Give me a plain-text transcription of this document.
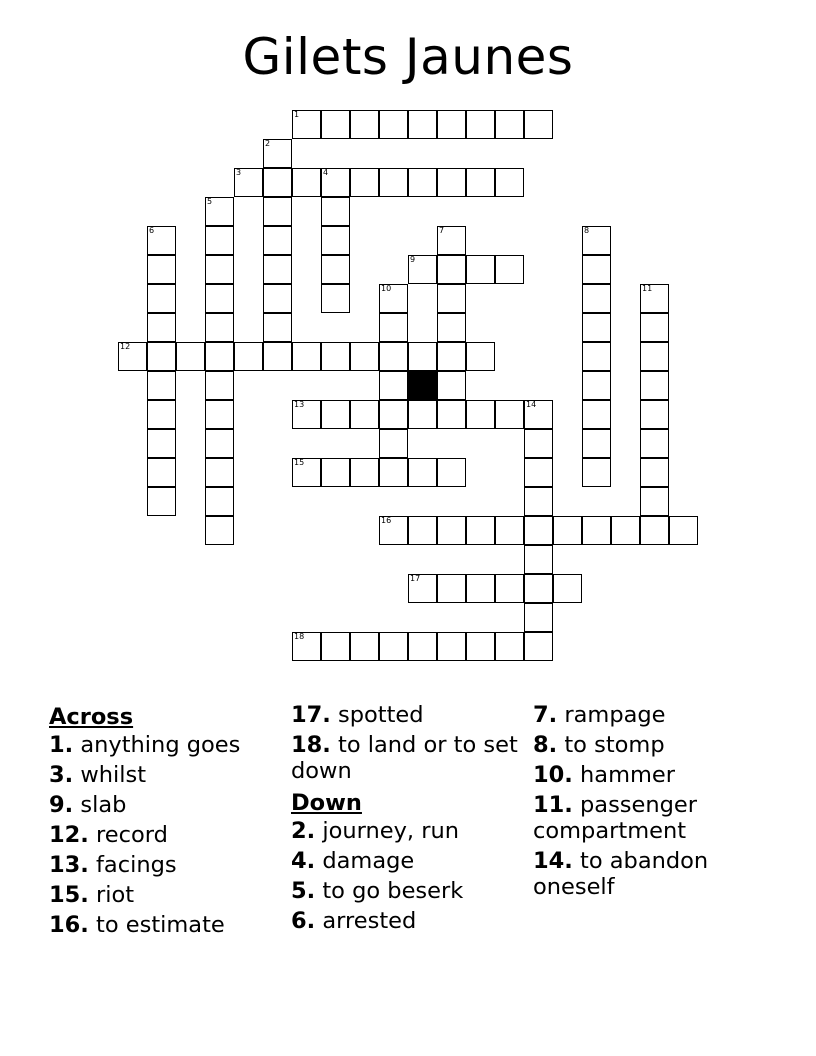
Gilets Jaunes
1
2
3	4
5
6	7	8
9
10	11
12
13	14
15
16
17
18

Across

1. anything goes

3. whilst

9. slab

12. record

13. facings

15. riot

16. to estimate

17. spotted

18. to land or to set down

Down

2. journey, run

4. damage

5. to go beserk

6. arrested

7. rampage

8. to stomp

10. hammer

11. passenger compartment

14. to abandon oneself
